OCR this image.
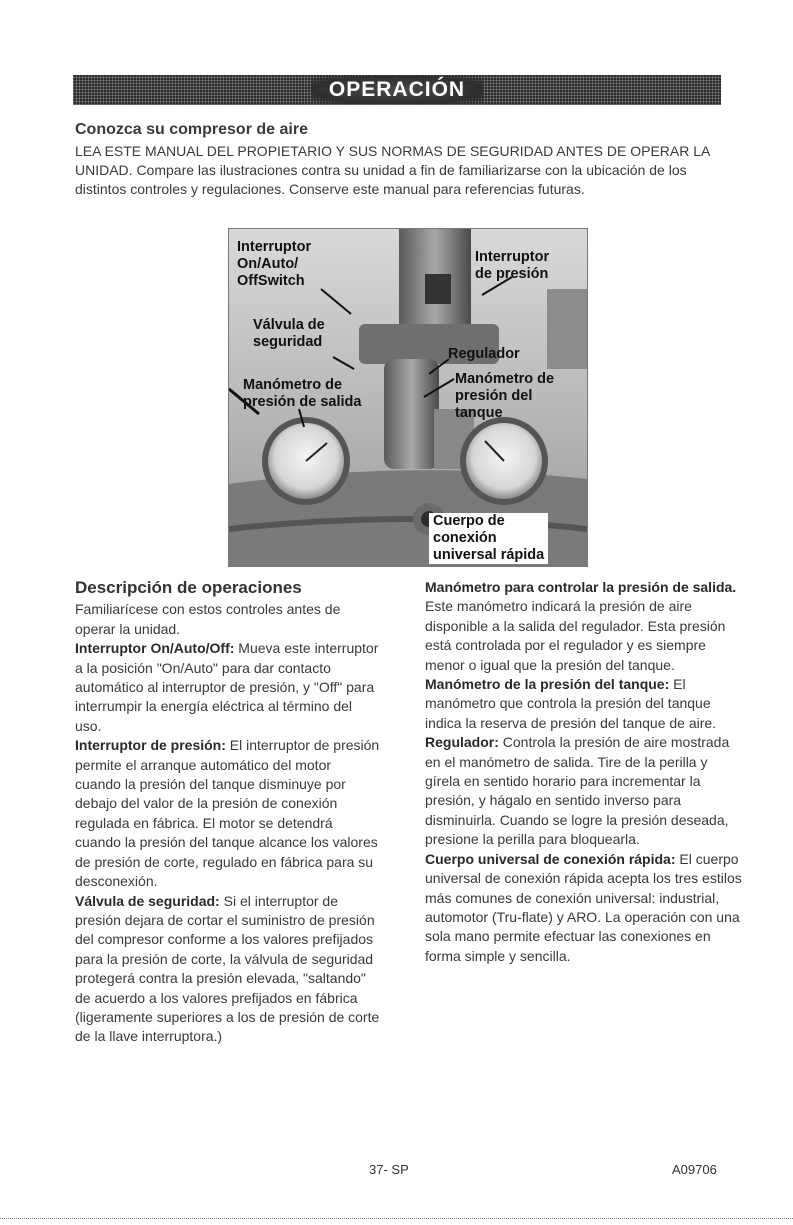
OPERACIÓN
Conozca su compresor de aire
LEA ESTE MANUAL DEL PROPIETARIO Y SUS NORMAS DE SEGURIDAD ANTES DE OPERAR LA UNIDAD. Compare las ilustraciones contra su unidad a fin de familiarizarse con la ubicación de los distintos controles y regulaciones. Conserve este manual para referencias futuras.
Interruptor
On/Auto/
OffSwitch
Interruptor
de presión
Válvula de
seguridad
Regulador
Manómetro de
presión de salida
Manómetro de
presión del
tanque
Cuerpo de
conexión
universal rápida
Descripción de operaciones

Familiarícese con estos controles antes de operar la unidad.

Interruptor On/Auto/Off: Mueva este interruptor a la posición "On/Auto" para dar contacto automático al interruptor de presión, y "Off" para interrumpir la energía eléctrica al término del uso.

Interruptor de presión: El interruptor de presión permite el arranque automático del motor cuando la presión del tanque disminuye por debajo del valor de la presión de conexión regulada en fábrica. El motor se detendrá cuando la presión del tanque alcance los valores de presión de corte, regulado en fábrica para su desconexión.

Válvula de seguridad: Si el interruptor de presión dejara de cortar el suministro de presión del compresor conforme a los valores prefijados para la presión de corte, la válvula de seguridad protegerá contra la presión elevada, "saltando" de acuerdo a los valores prefijados en fábrica (ligeramente superiores a los de presión de corte de la llave interruptora.)

Manómetro para controlar la presión de salida. Este manómetro indicará la presión de aire disponible a la salida del regulador. Esta presión está controlada por el regulador y es siempre menor o igual que la presión del tanque.

Manómetro de la presión del tanque: El manómetro que controla la presión del tanque indica la reserva de presión del tanque de aire.

Regulador: Controla la presión de aire mostrada en el manómetro de salida. Tire de la perilla y gírela en sentido horario para incrementar la presión, y hágalo en sentido inverso para disminuirla. Cuando se logre la presión deseada, presione la perilla para bloquearla.

Cuerpo universal de conexión rápida: El cuerpo universal de conexión rápida acepta los tres estilos más comunes de conexión universal: industrial, automotor (Tru-flate) y ARO. La operación con una sola mano permite efectuar las conexiones en forma simple y sencilla.

37- SP	A09706
